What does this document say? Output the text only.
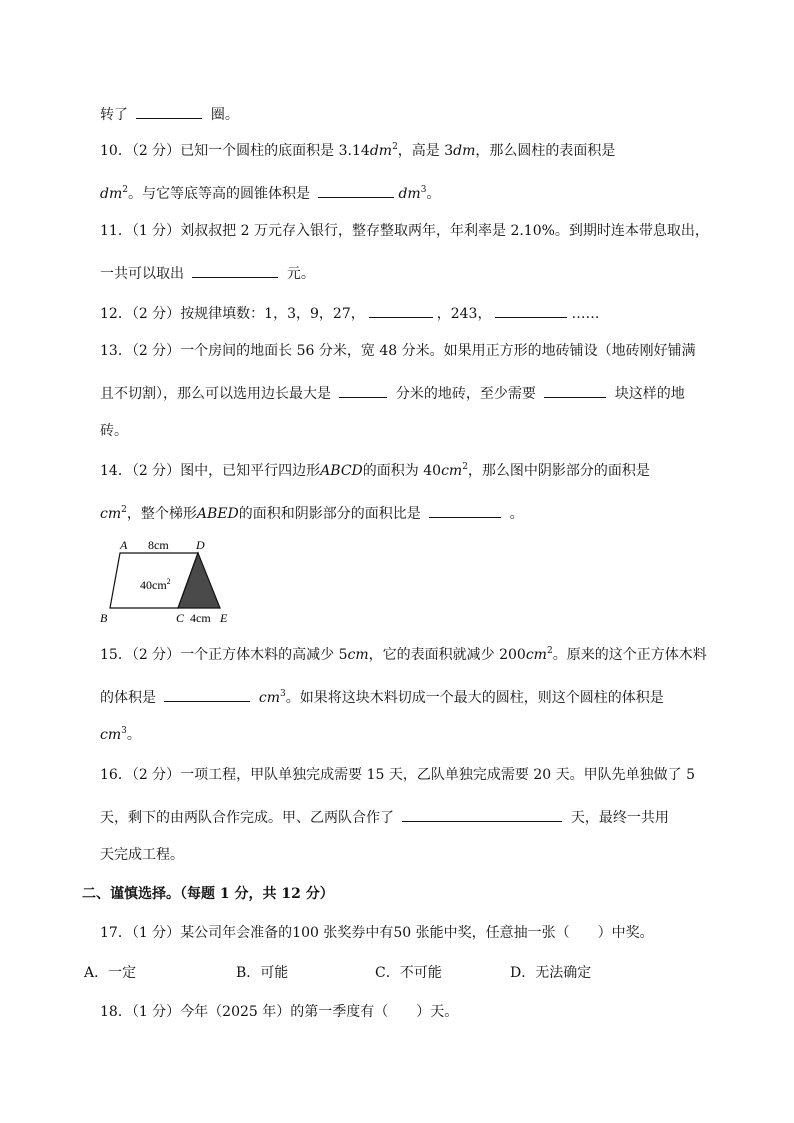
转了	圈。
10．（2 分）已知一个圆柱的底面积是 $3.14dm^2$，高是 3dm，那么圆柱的表面积是
$dm^2$。与它等底等高的圆锥体积是	$dm^3$。
11．（1 分）刘叔叔把 2 万元存入银行，整存整取两年，年利率是 2.10%。到期时连本带息取出，
一共可以取出	元。
12．（2 分）按规律填数：1，3，9，27，	，243，	……
13．（2 分）一个房间的地面长 56 分米，宽 48 分米。如果用正方形的地砖铺设（地砖刚好铺满
且不切割），那么可以选用边长最大是	分米的地砖，至少需要	块这样的地
砖。
14．（2 分）图中，已知平行四边形ABCD的面积为 $40cm^2$，那么图中阴影部分的面积是
$cm^2$，整个梯形ABED的面积和阴影部分的面积比是	。
A 8cm D
$40cm^2$
B	C 4cm E
15．（2 分）一个正方体木料的高减少 5cm，它的表面积就减少 $200cm^2$。原来的这个正方体木料
的体积是	$cm^3$。如果将这块木料切成一个最大的圆柱，则这个圆柱的体积是
$cm^3$。
16．（2 分）一项工程，甲队单独完成需要 15 天，乙队单独完成需要 20 天。甲队先单独做了 5
天，剩下的由两队合作完成。甲、乙两队合作了	天，最终一共用
天完成工程。
二、谨慎选择。（每题 1 分，共 12 分）
17．（1 分）某公司年会准备的100 张奖券中有50 张能中奖，任意抽一张（　　）中奖。
A．一定	B．可能	C．不可能	D．无法确定
18．（1 分）今年（2025 年）的第一季度有（　　）天。
